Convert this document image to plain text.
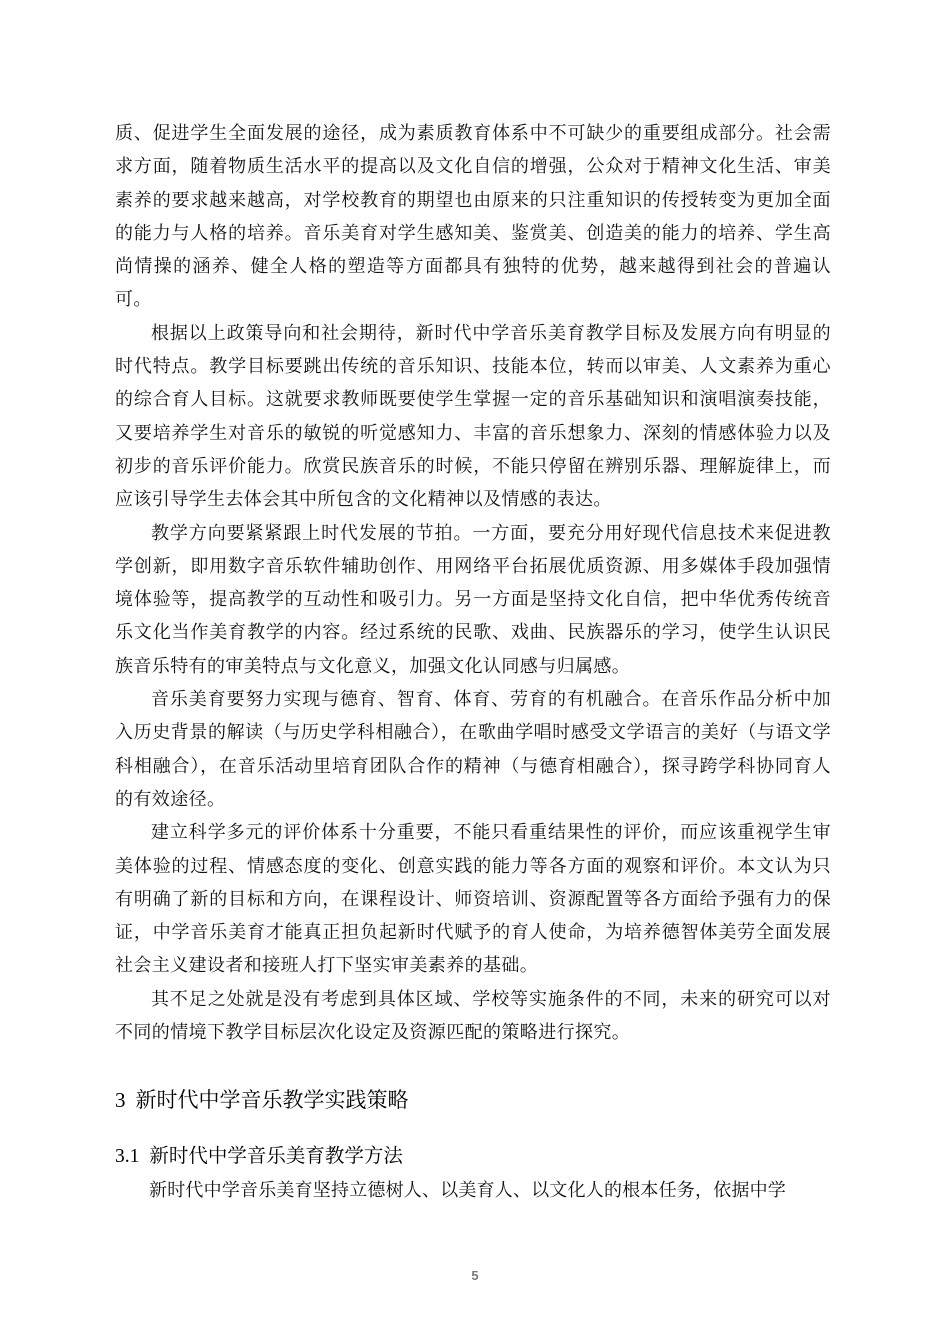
质、促进学生全面发展的途径，成为素质教育体系中不可缺少的重要组成部分。社会需求方面，随着物质生活水平的提高以及文化自信的增强，公众对于精神文化生活、审美素养的要求越来越高，对学校教育的期望也由原来的只注重知识的传授转变为更加全面的能力与人格的培养。音乐美育对学生感知美、鉴赏美、创造美的能力的培养、学生高尚情操的涵养、健全人格的塑造等方面都具有独特的优势，越来越得到社会的普遍认可。

根据以上政策导向和社会期待，新时代中学音乐美育教学目标及发展方向有明显的时代特点。教学目标要跳出传统的音乐知识、技能本位，转而以审美、人文素养为重心的综合育人目标。这就要求教师既要使学生掌握一定的音乐基础知识和演唱演奏技能，又要培养学生对音乐的敏锐的听觉感知力、丰富的音乐想象力、深刻的情感体验力以及初步的音乐评价能力。欣赏民族音乐的时候，不能只停留在辨别乐器、理解旋律上，而应该引导学生去体会其中所包含的文化精神以及情感的表达。

教学方向要紧紧跟上时代发展的节拍。一方面，要充分用好现代信息技术来促进教学创新，即用数字音乐软件辅助创作、用网络平台拓展优质资源、用多媒体手段加强情境体验等，提高教学的互动性和吸引力。另一方面是坚持文化自信，把中华优秀传统音乐文化当作美育教学的内容。经过系统的民歌、戏曲、民族器乐的学习，使学生认识民族音乐特有的审美特点与文化意义，加强文化认同感与归属感。

音乐美育要努力实现与德育、智育、体育、劳育的有机融合。在音乐作品分析中加入历史背景的解读（与历史学科相融合），在歌曲学唱时感受文学语言的美好（与语文学科相融合），在音乐活动里培育团队合作的精神（与德育相融合），探寻跨学科协同育人的有效途径。

建立科学多元的评价体系十分重要，不能只看重结果性的评价，而应该重视学生审美体验的过程、情感态度的变化、创意实践的能力等各方面的观察和评价。本文认为只有明确了新的目标和方向，在课程设计、师资培训、资源配置等各方面给予强有力的保证，中学音乐美育才能真正担负起新时代赋予的育人使命，为培养德智体美劳全面发展社会主义建设者和接班人打下坚实审美素养的基础。

其不足之处就是没有考虑到具体区域、学校等实施条件的不同，未来的研究可以对不同的情境下教学目标层次化设定及资源匹配的策略进行探究。

3 新时代中学音乐教学实践策略
3.1 新时代中学音乐美育教学方法

新时代中学音乐美育坚持立德树人、以美育人、以文化人的根本任务，依据中学

5
